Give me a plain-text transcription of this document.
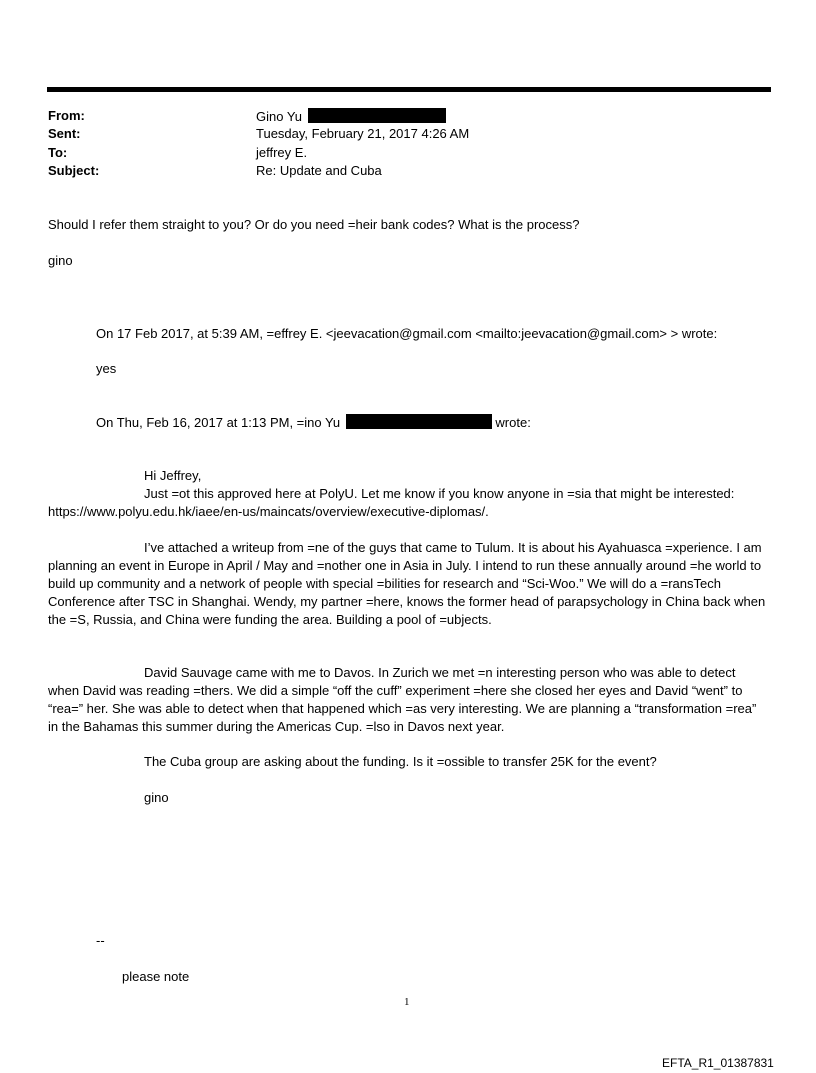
From:	Gino Yu
Sent:	Tuesday, February 21, 2017 4:26 AM
To:	jeffrey E.
Subject:	Re: Update and Cuba
Should I refer them straight to you? Or do you need =heir bank codes? What is the process?
gino
On 17 Feb 2017, at 5:39 AM, =effrey E. <jeevacation@gmail.com <mailto:jeevacation@gmail.com> > wrote:
yes
On Thu, Feb 16, 2017 at 1:13 PM, =ino Yu	wrote:
Hi Jeffrey,
Just =ot this approved here at PolyU. Let me know if you know anyone in =sia that might be interested:
https://www.polyu.edu.hk/iaee/en-us/maincats/overview/executive-diplomas/.
I’ve attached a writeup from =ne of the guys that came to Tulum. It is about his Ayahuasca =xperience. I am planning an event in Europe in April / May and =nother one in Asia in July. I intend to run these annually around =he world to build up community and a network of people with special =bilities for research and “Sci-Woo.” We will do a =ransTech Conference after TSC in Shanghai. Wendy, my partner =here, knows the former head of parapsychology in China back when the =S, Russia, and China were funding the area. Building a pool of =ubjects.
David Sauvage came with me to Davos. In Zurich we met =n interesting person who was able to detect when David was reading =thers. We did a simple “off the cuff” experiment =here she closed her eyes and David “went” to “rea=” her. She was able to detect when that happened which =as very interesting. We are planning a “transformation =rea” in the Bahamas this summer during the Americas Cup. =lso in Davos next year.
The Cuba group are asking about the funding. Is it =ossible to transfer 25K for the event?
gino
--
please note
1
EFTA_R1_01387831
